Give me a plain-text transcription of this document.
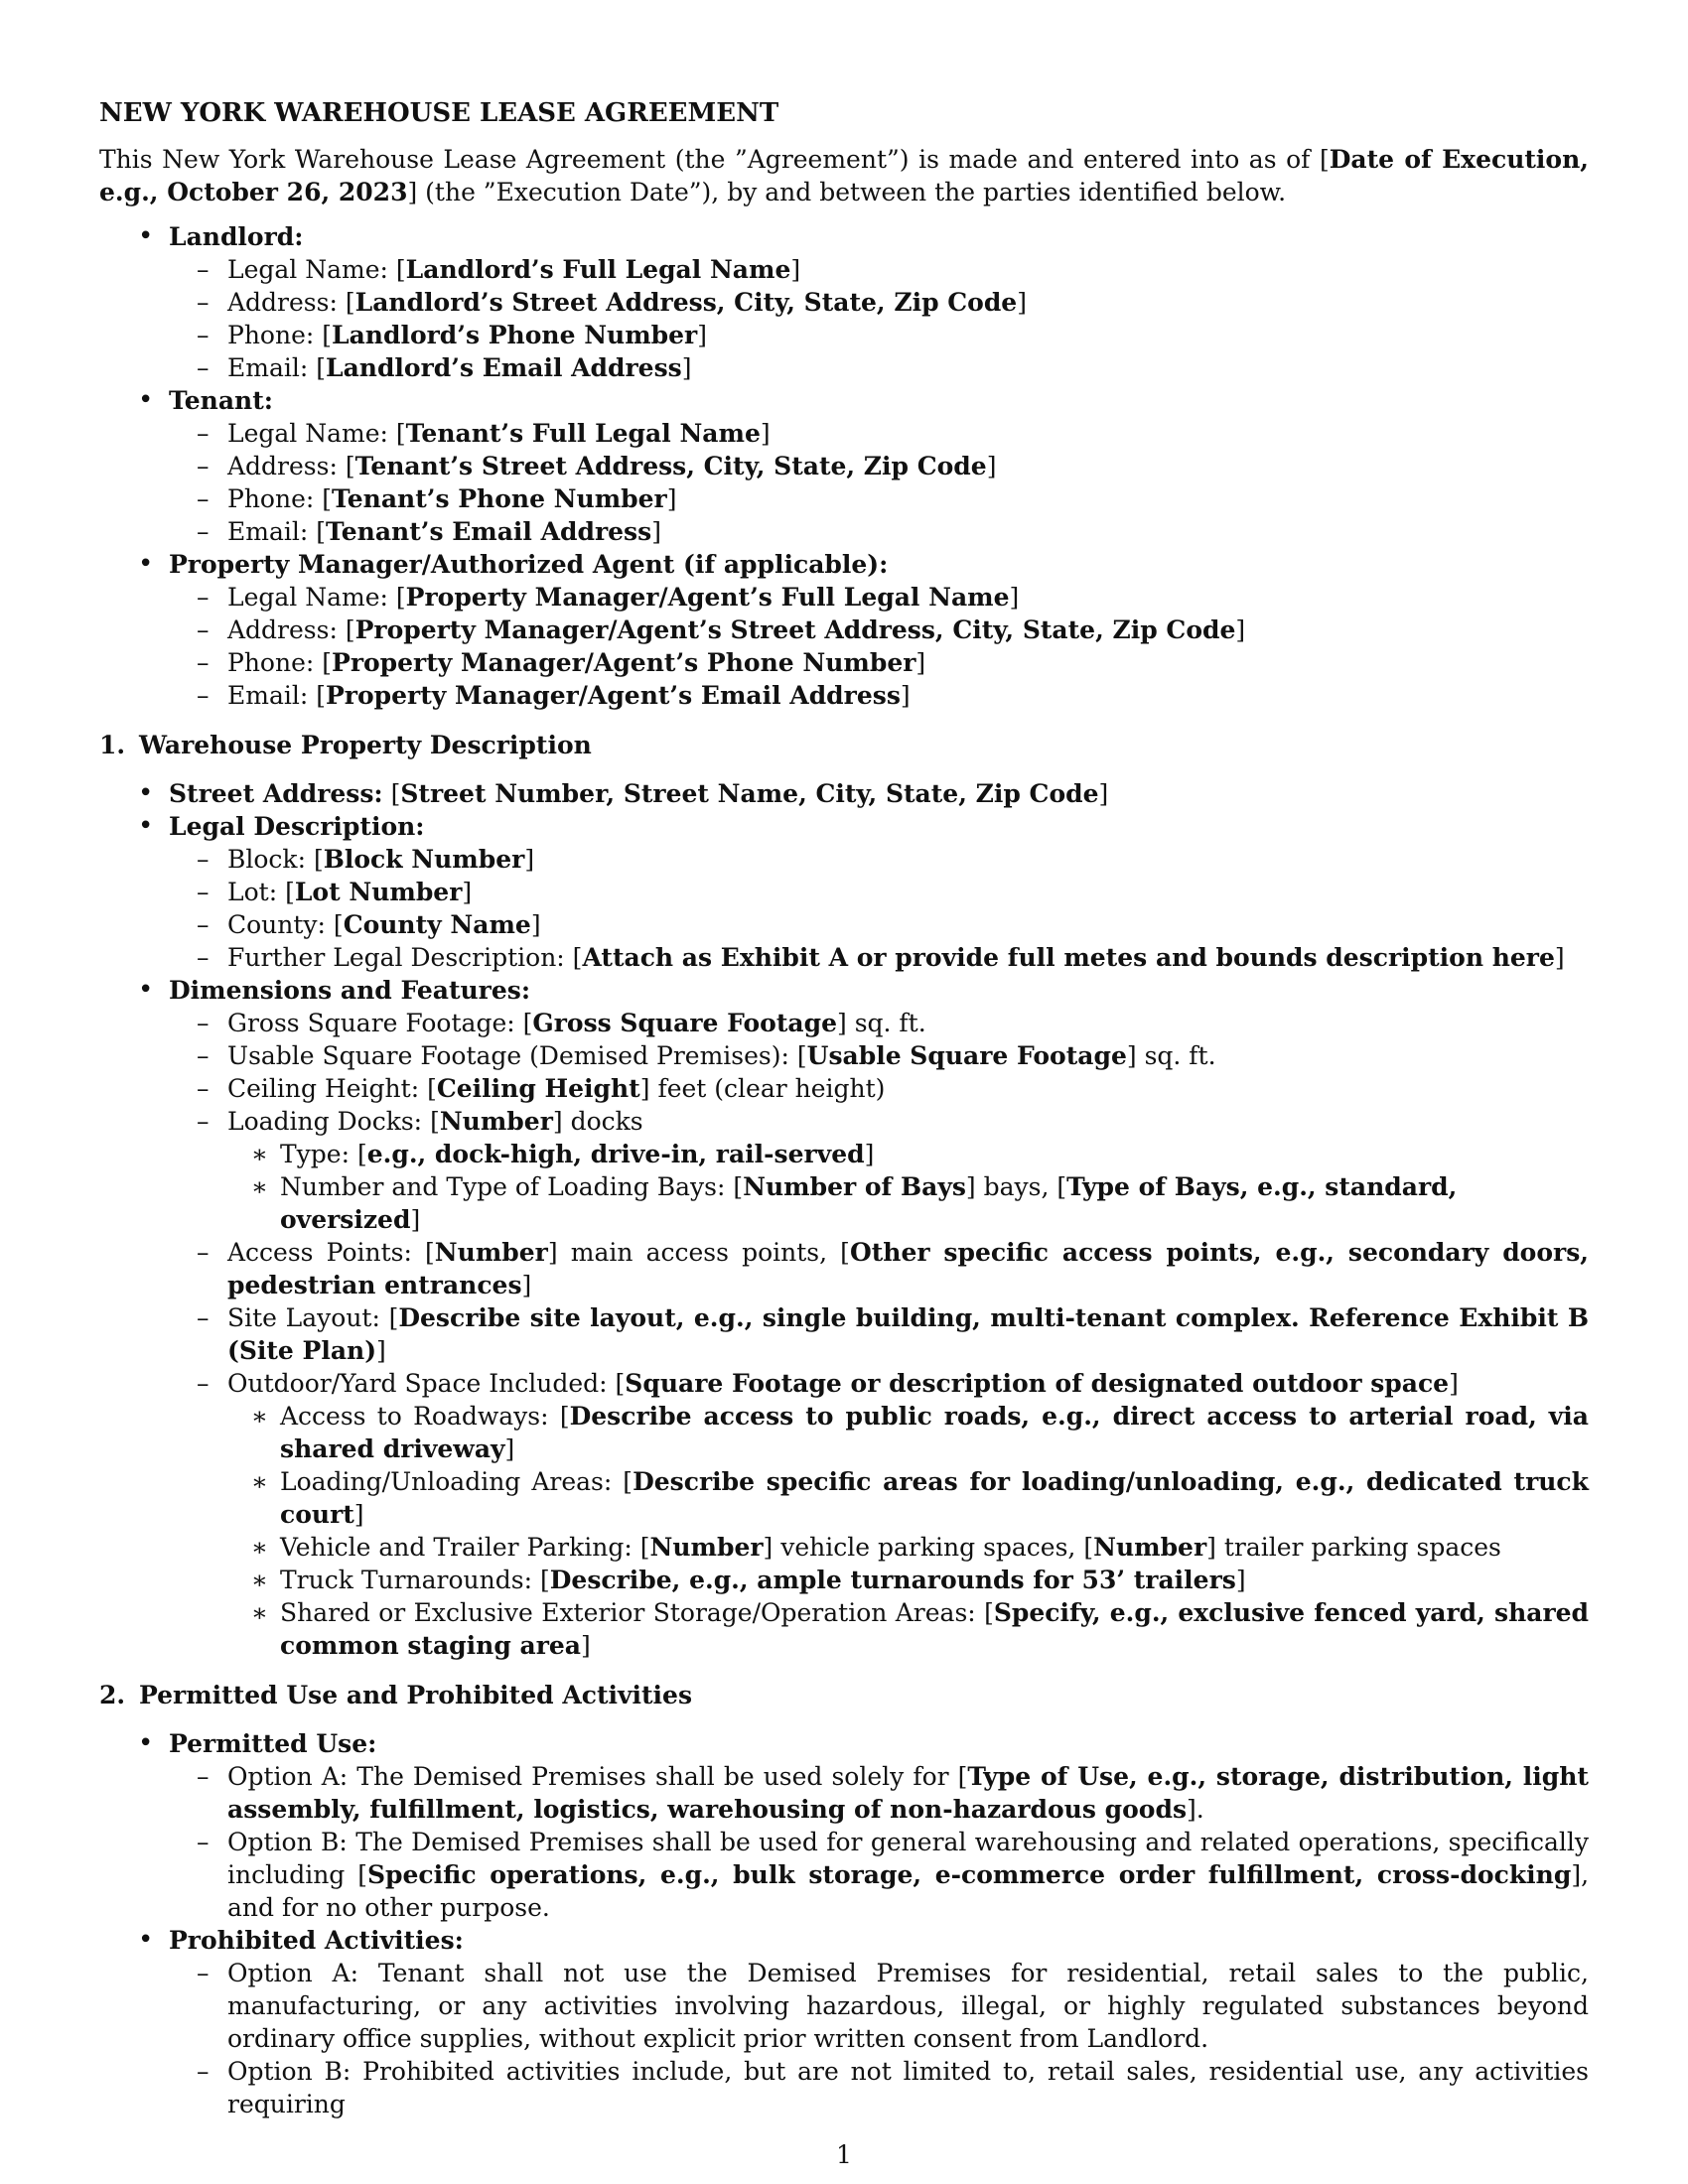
NEW YORK WAREHOUSE LEASE AGREEMENT
This New York Warehouse Lease Agreement (the ”Agreement”) is made and entered into as of [Date of Execution, e.g., October 26, 2023] (the ”Execution Date”), by and between the parties identified below.
• Landlord:
– Legal Name: [Landlord’s Full Legal Name]
– Address: [Landlord’s Street Address, City, State, Zip Code]
– Phone: [Landlord’s Phone Number]
– Email: [Landlord’s Email Address]
• Tenant:
– Legal Name: [Tenant’s Full Legal Name]
– Address: [Tenant’s Street Address, City, State, Zip Code]
– Phone: [Tenant’s Phone Number]
– Email: [Tenant’s Email Address]
• Property Manager/Authorized Agent (if applicable):
– Legal Name: [Property Manager/Agent’s Full Legal Name]
– Address: [Property Manager/Agent’s Street Address, City, State, Zip Code]
– Phone: [Property Manager/Agent’s Phone Number]
– Email: [Property Manager/Agent’s Email Address]
1. Warehouse Property Description
• Street Address: [Street Number, Street Name, City, State, Zip Code]
• Legal Description:
– Block: [Block Number]
– Lot: [Lot Number]
– County: [County Name]
– Further Legal Description: [Attach as Exhibit A or provide full metes and bounds description here]
• Dimensions and Features:
– Gross Square Footage: [Gross Square Footage] sq. ft.
– Usable Square Footage (Demised Premises): [Usable Square Footage] sq. ft.
– Ceiling Height: [Ceiling Height] feet (clear height)
– Loading Docks: [Number] docks
∗ Type: [e.g., dock-high, drive-in, rail-served]
∗ Number and Type of Loading Bays: [Number of Bays] bays, [Type of Bays, e.g., standard, oversized]
– Access Points: [Number] main access points, [Other specific access points, e.g., secondary doors, pedestrian entrances]
– Site Layout: [Describe site layout, e.g., single building, multi-tenant complex. Reference Exhibit B (Site Plan)]
– Outdoor/Yard Space Included: [Square Footage or description of designated outdoor space]
∗ Access to Roadways: [Describe access to public roads, e.g., direct access to arterial road, via shared driveway]
∗ Loading/Unloading Areas: [Describe specific areas for loading/unloading, e.g., dedicated truck court]
∗ Vehicle and Trailer Parking: [Number] vehicle parking spaces, [Number] trailer parking spaces
∗ Truck Turnarounds: [Describe, e.g., ample turnarounds for 53’ trailers]
∗ Shared or Exclusive Exterior Storage/Operation Areas: [Specify, e.g., exclusive fenced yard, shared common staging area]
2. Permitted Use and Prohibited Activities
• Permitted Use:
– Option A: The Demised Premises shall be used solely for [Type of Use, e.g., storage, distribution, light assembly, fulfillment, logistics, warehousing of non-hazardous goods].
– Option B: The Demised Premises shall be used for general warehousing and related operations, specifically including [Specific operations, e.g., bulk storage, e-commerce order fulfillment, cross-docking], and for no other purpose.
• Prohibited Activities:
– Option A: Tenant shall not use the Demised Premises for residential, retail sales to the public, manufacturing, or any activities involving hazardous, illegal, or highly regulated substances beyond ordinary office supplies, without explicit prior written consent from Landlord.
– Option B: Prohibited activities include, but are not limited to, retail sales, residential use, any activities requiring
1
